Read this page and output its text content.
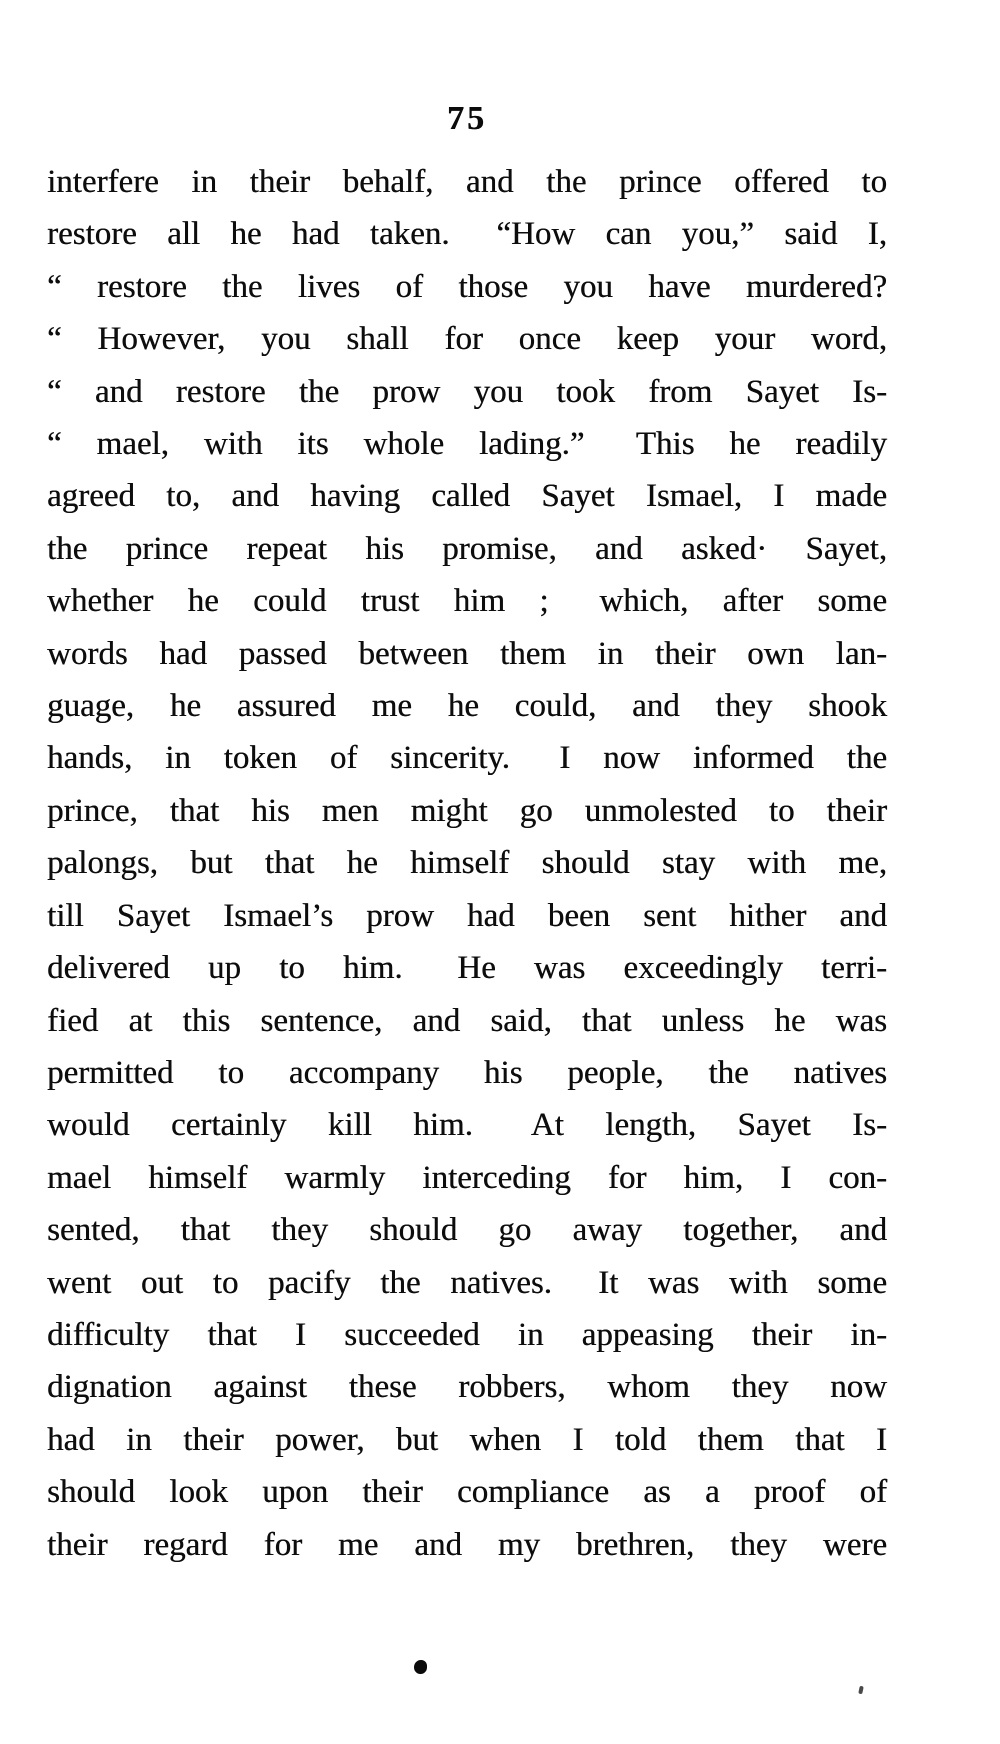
75
interfere in their behalf, and the prince offered to
restore all he had taken.  “How can you,” said I,
“ restore the lives of those you have murdered?
“ However, you shall for once keep your word,
“ and restore the prow you took from Sayet Is-
“ mael, with its whole lading.”  This he readily
agreed to, and having called Sayet Ismael, I made
the prince repeat his promise, and asked· Sayet,
whether he could trust him ;  which, after some
words had passed between them in their own lan-
guage, he assured me he could, and they shook
hands, in token of sincerity.  I now informed the
prince, that his men might go unmolested to their
palongs, but that he himself should stay with me,
till Sayet Ismael’s prow had been sent hither and
delivered up to him.  He was exceedingly terri-
fied at this sentence, and said, that unless he was
permitted to accompany his people, the natives
would certainly kill him.  At length, Sayet Is-
mael himself warmly interceding for him, I con-
sented, that they should go away together, and
went out to pacify the natives.  It was with some
difficulty that I succeeded in appeasing their in-
dignation against these robbers, whom they now
had in their power, but when I told them that I
should look upon their compliance as a proof of
their regard for me and my brethren, they were
